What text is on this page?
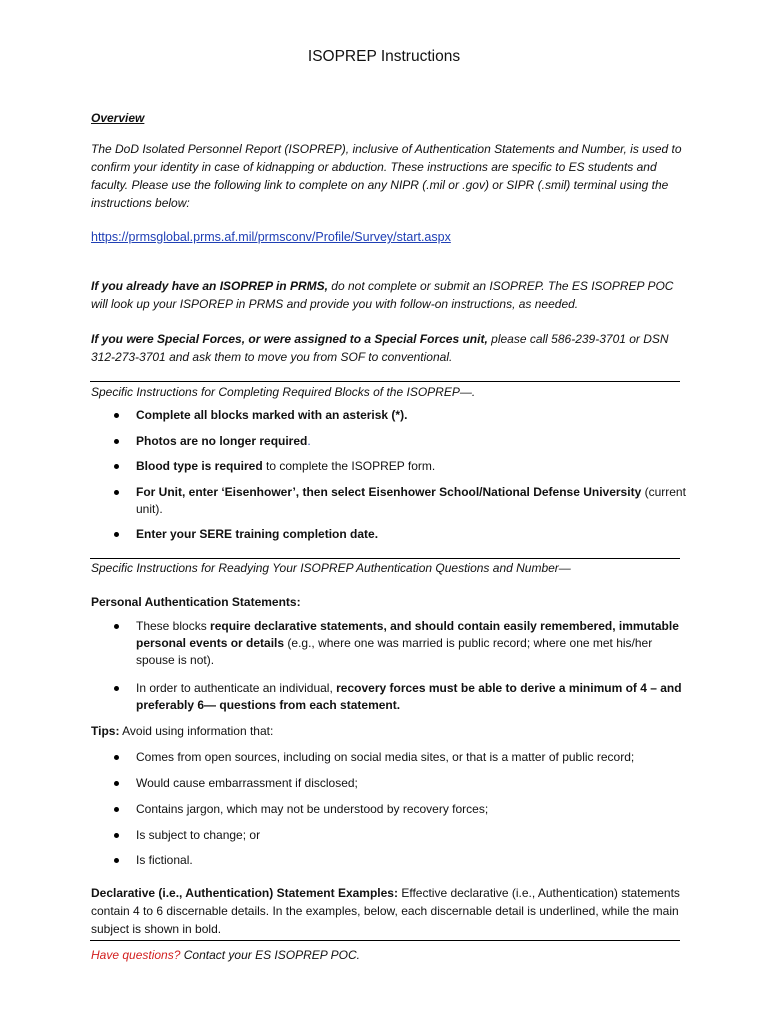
ISOPREP Instructions
Overview
The DoD Isolated Personnel Report (ISOPREP), inclusive of Authentication Statements and Number, is used to confirm your identity in case of kidnapping or abduction. These instructions are specific to ES students and faculty. Please use the following link to complete on any NIPR (.mil or .gov) or SIPR (.smil) terminal using the instructions below:
https://prmsglobal.prms.af.mil/prmsconv/Profile/Survey/start.aspx
If you already have an ISOPREP in PRMS, do not complete or submit an ISOPREP. The ES ISOPREP POC will look up your ISPOREP in PRMS and provide you with follow-on instructions, as needed.
If you were Special Forces, or were assigned to a Special Forces unit, please call 586-239-3701 or DSN 312-273-3701 and ask them to move you from SOF to conventional.
Specific Instructions for Completing Required Blocks of the ISOPREP—.
Complete all blocks marked with an asterisk (*).
Photos are no longer required.
Blood type is required to complete the ISOPREP form.
For Unit, enter ‘Eisenhower’, then select Eisenhower School/National Defense University (current unit).
Enter your SERE training completion date.
Specific Instructions for Readying Your ISOPREP Authentication Questions and Number—
Personal Authentication Statements:
These blocks require declarative statements, and should contain easily remembered, immutable personal events or details (e.g., where one was married is public record; where one met his/her spouse is not).
In order to authenticate an individual, recovery forces must be able to derive a minimum of 4 – and preferably 6— questions from each statement.
Tips: Avoid using information that:
Comes from open sources, including on social media sites, or that is a matter of public record;
Would cause embarrassment if disclosed;
Contains jargon, which may not be understood by recovery forces;
Is subject to change; or
Is fictional.
Declarative (i.e., Authentication) Statement Examples: Effective declarative (i.e., Authentication) statements contain 4 to 6 discernable details. In the examples, below, each discernable detail is underlined, while the main subject is shown in bold.
Have questions? Contact your ES ISOPREP POC.
